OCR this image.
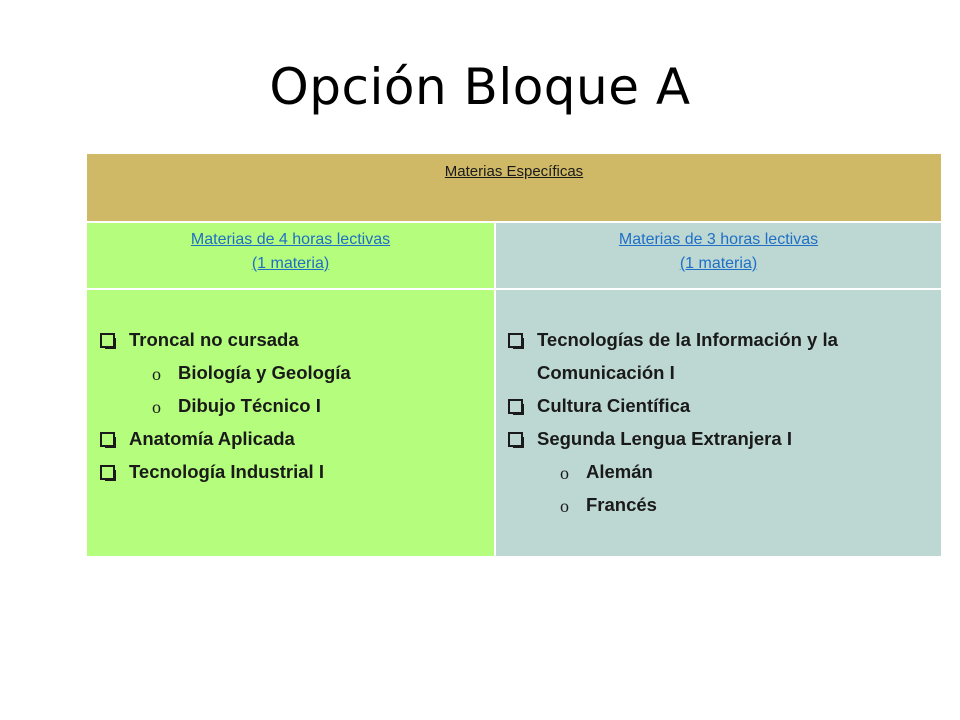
Opción Bloque A
Materias Específicas
Materias de 4 horas lectivas
(1 materia)
Materias de 3 horas lectivas
(1 materia)
Troncal no cursada
o Biología y Geología
o Dibujo Técnico I
Anatomía Aplicada
Tecnología Industrial I
Tecnologías de la Información y la Comunicación I
Cultura Científica
Segunda Lengua Extranjera I
o Alemán
o Francés
